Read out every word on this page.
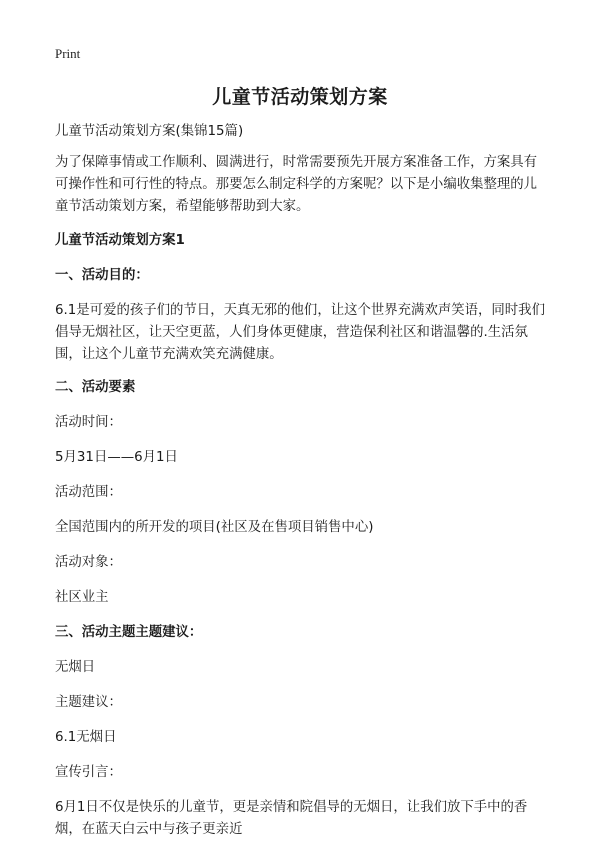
Print
儿童节活动策划方案

儿童节活动策划方案(集锦15篇)

为了保障事情或工作顺利、圆满进行，时常需要预先开展方案准备工作，方案具有可操作性和可行性的特点。那要怎么制定科学的方案呢？以下是小编收集整理的儿童节活动策划方案，希望能够帮助到大家。

儿童节活动策划方案1

一、活动目的：

6.1是可爱的孩子们的节日，天真无邪的他们，让这个世界充满欢声笑语，同时我们倡导无烟社区，让天空更蓝，人们身体更健康，营造保利社区和谐温馨的.生活氛围，让这个儿童节充满欢笑充满健康。

二、活动要素

活动时间：

5月31日——6月1日

活动范围：

全国范围内的所开发的项目(社区及在售项目销售中心)

活动对象：

社区业主

三、活动主题主题建议：

无烟日

主题建议：

6.1无烟日

宣传引言：

6月1日不仅是快乐的儿童节，更是亲情和院倡导的无烟日，让我们放下手中的香烟，在蓝天白云中与孩子更亲近
